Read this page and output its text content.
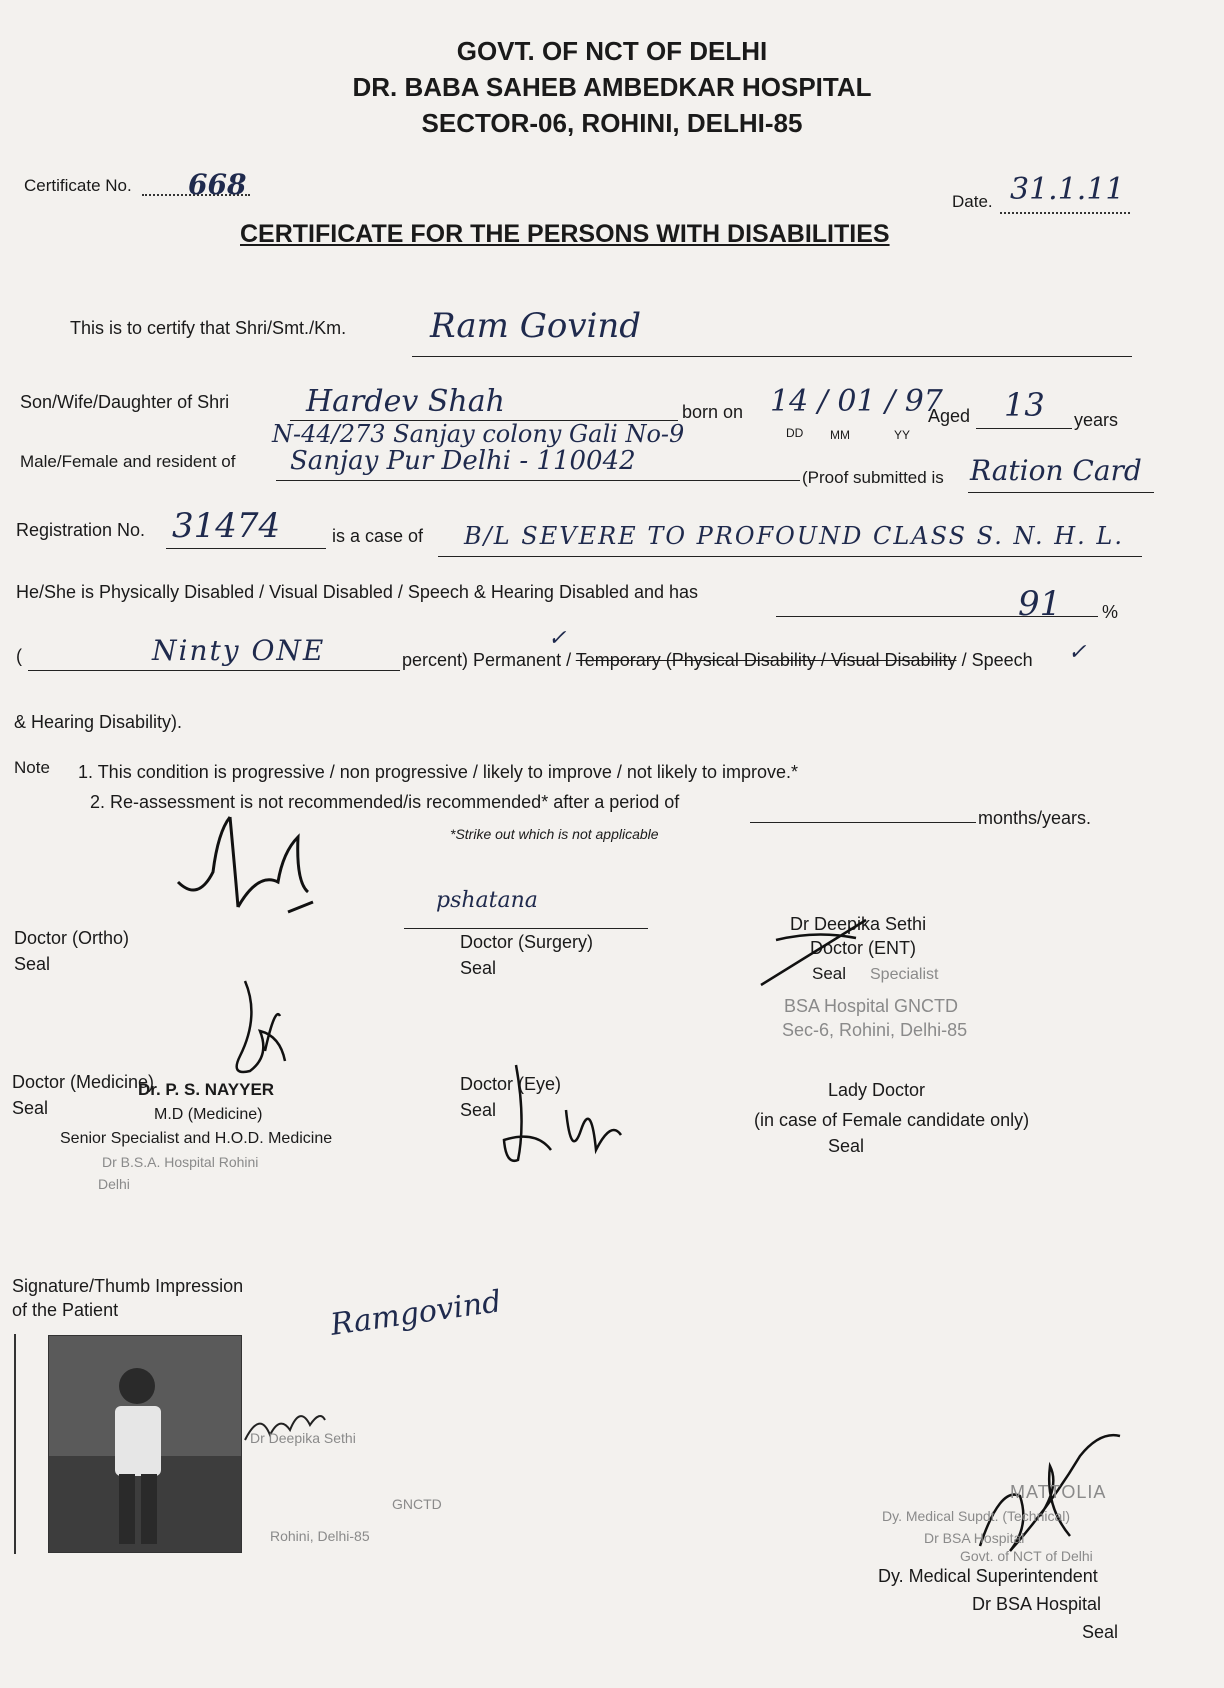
GOVT. OF NCT OF DELHI
DR. BABA SAHEB AMBEDKAR HOSPITAL
SECTOR-06, ROHINI, DELHI-85
Certificate No. 668
Date. 31.1.11
CERTIFICATE FOR THE PERSONS WITH DISABILITIES
This is to certify that Shri/Smt./Km. Ram Govind
Son/Wife/Daughter of Shri	Hardev Shah	born on 14 / 01 / 97
DD MM	YY
Aged 13 years
N-44/273 Sanjay colony Gali No-9
Male/Female and resident of Sanjay Pur Delhi - 110042
(Proof submitted is Ration Card
Registration No. 31474	is a case of B/L SEVERE TO PROFOUND CLASS S. N. H. L.
He/She is Physically Disabled / Visual Disabled / Speech & Hearing Disabled and has	91 %
(	Ninty ONE	percent) Permanent / Temporary (Physical Disability / Visual Disability / Speech
✓
✓
& Hearing Disability).
Note 1. This condition is progressive / non progressive / likely to improve / not likely to improve.*
2. Re-assessment is not recommended/is recommended* after a period of
months/years.
*Strike out which is not applicable
Doctor (Ortho)
Seal
pshatana
Doctor (Surgery)
Seal
Dr Deepika Sethi
Doctor (ENT)
Seal Specialist
BSA Hospital GNCTD
Sec-6, Rohini, Delhi-85
Doctor (Medicine)
Seal
Dr. P. S. NAYYER
M.D (Medicine)
Senior Specialist and H.O.D. Medicine
Dr B.S.A. Hospital Rohini
Delhi
Doctor (Eye)
Seal
Lady Doctor
(in case of Female candidate only)
Seal
Signature/Thumb Impression
of the Patient	Ramgovind
Dr Deepika Sethi
GNCTD
Rohini, Delhi-85
MATTOLIA
Dy. Medical Supdt. (Technical)
Dr BSA Hospital
Govt. of NCT of Delhi
Dy. Medical Superintendent
Dr BSA Hospital
Seal
